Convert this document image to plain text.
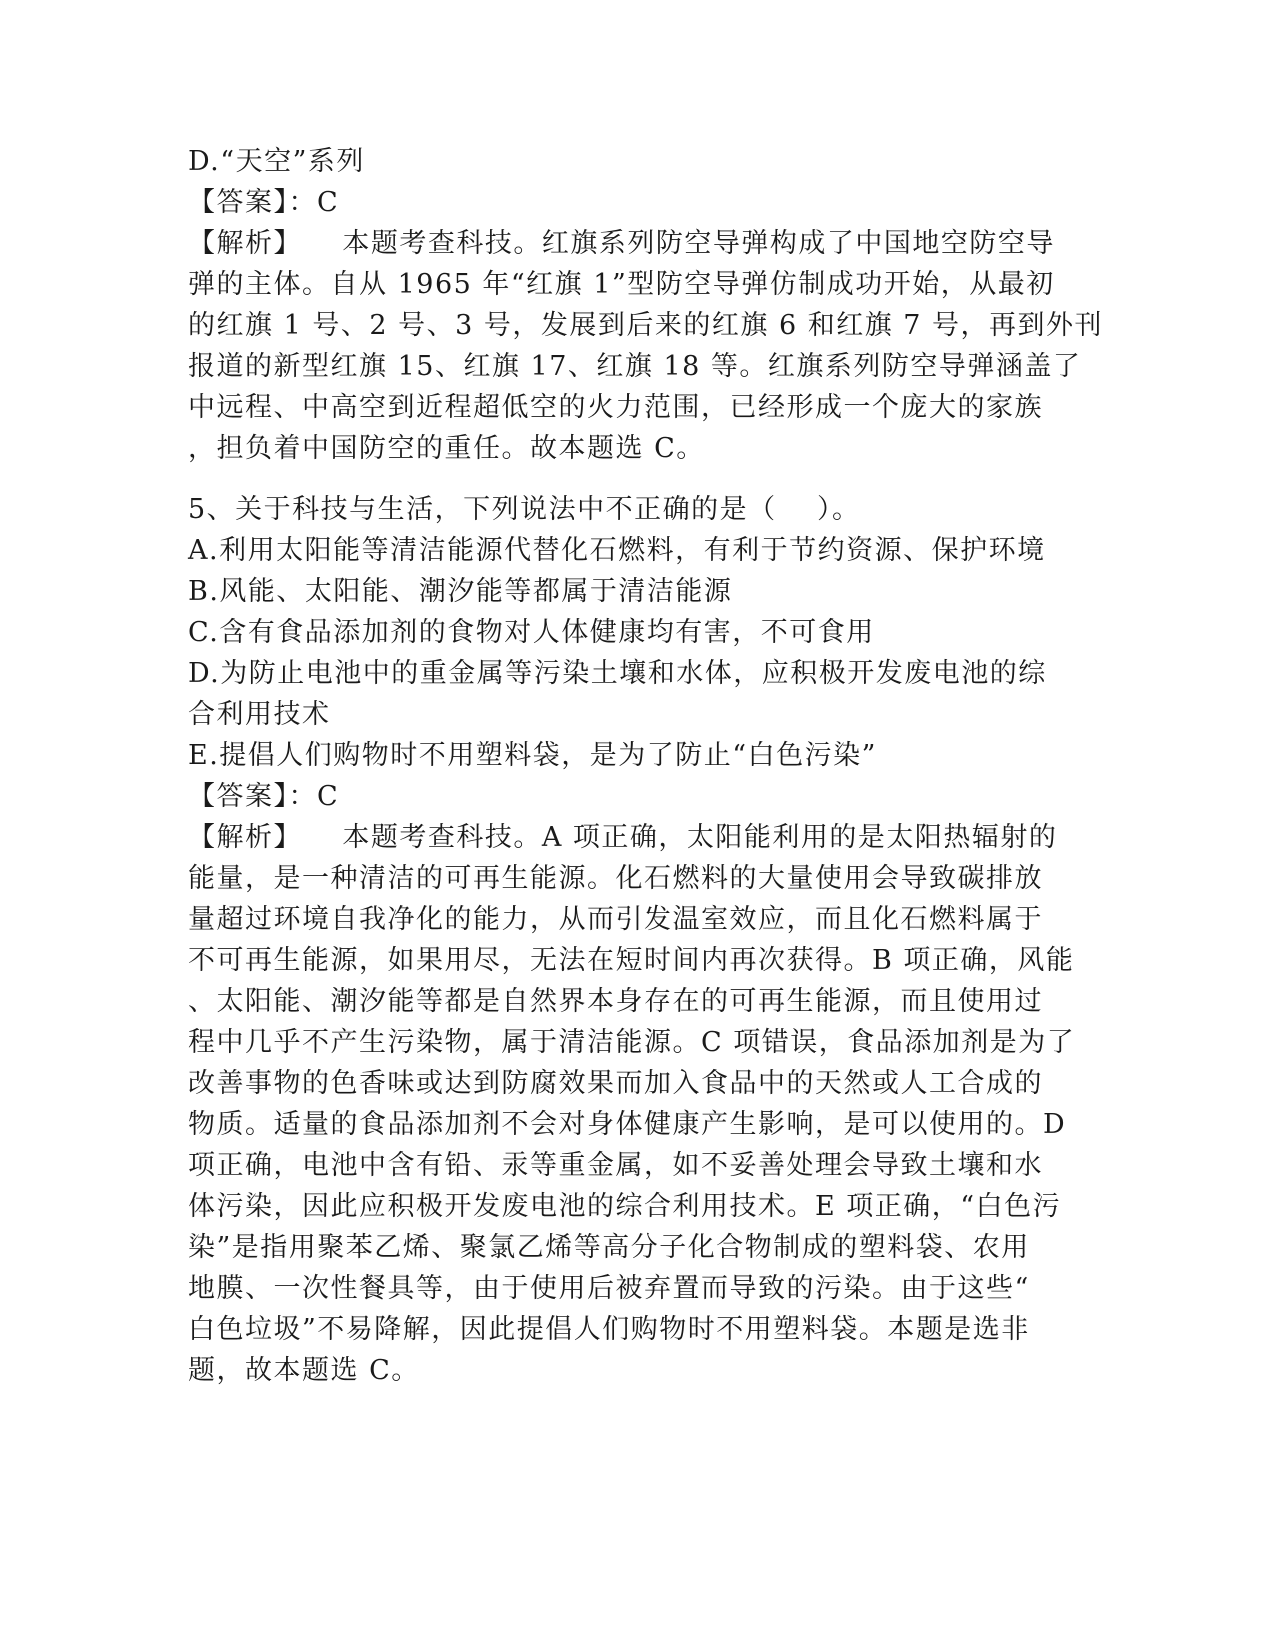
D.“天空”系列
【答案】：C
【解析】    本题考查科技。红旗系列防空导弹构成了中国地空防空导
弹的主体。自从 1965 年“红旗 1”型防空导弹仿制成功开始，从最初
的红旗 1 号、2 号、3 号，发展到后来的红旗 6 和红旗 7 号，再到外刊
报道的新型红旗 15、红旗 17、红旗 18 等。红旗系列防空导弹涵盖了
中远程、中高空到近程超低空的火力范围，已经形成一个庞大的家族
，担负着中国防空的重任。故本题选 C。
5、关于科技与生活，下列说法中不正确的是（    ）。
A.利用太阳能等清洁能源代替化石燃料，有利于节约资源、保护环境
B.风能、太阳能、潮汐能等都属于清洁能源
C.含有食品添加剂的食物对人体健康均有害，不可食用
D.为防止电池中的重金属等污染土壤和水体，应积极开发废电池的综
合利用技术
E.提倡人们购物时不用塑料袋，是为了防止“白色污染”
【答案】：C
【解析】    本题考查科技。A 项正确，太阳能利用的是太阳热辐射的
能量，是一种清洁的可再生能源。化石燃料的大量使用会导致碳排放
量超过环境自我净化的能力，从而引发温室效应，而且化石燃料属于
不可再生能源，如果用尽，无法在短时间内再次获得。B 项正确，风能
、太阳能、潮汐能等都是自然界本身存在的可再生能源，而且使用过
程中几乎不产生污染物，属于清洁能源。C 项错误，食品添加剂是为了
改善事物的色香味或达到防腐效果而加入食品中的天然或人工合成的
物质。适量的食品添加剂不会对身体健康产生影响，是可以使用的。D
项正确，电池中含有铅、汞等重金属，如不妥善处理会导致土壤和水
体污染，因此应积极开发废电池的综合利用技术。E 项正确，“白色污
染”是指用聚苯乙烯、聚氯乙烯等高分子化合物制成的塑料袋、农用
地膜、一次性餐具等，由于使用后被弃置而导致的污染。由于这些“
白色垃圾”不易降解，因此提倡人们购物时不用塑料袋。本题是选非
题，故本题选 C。
